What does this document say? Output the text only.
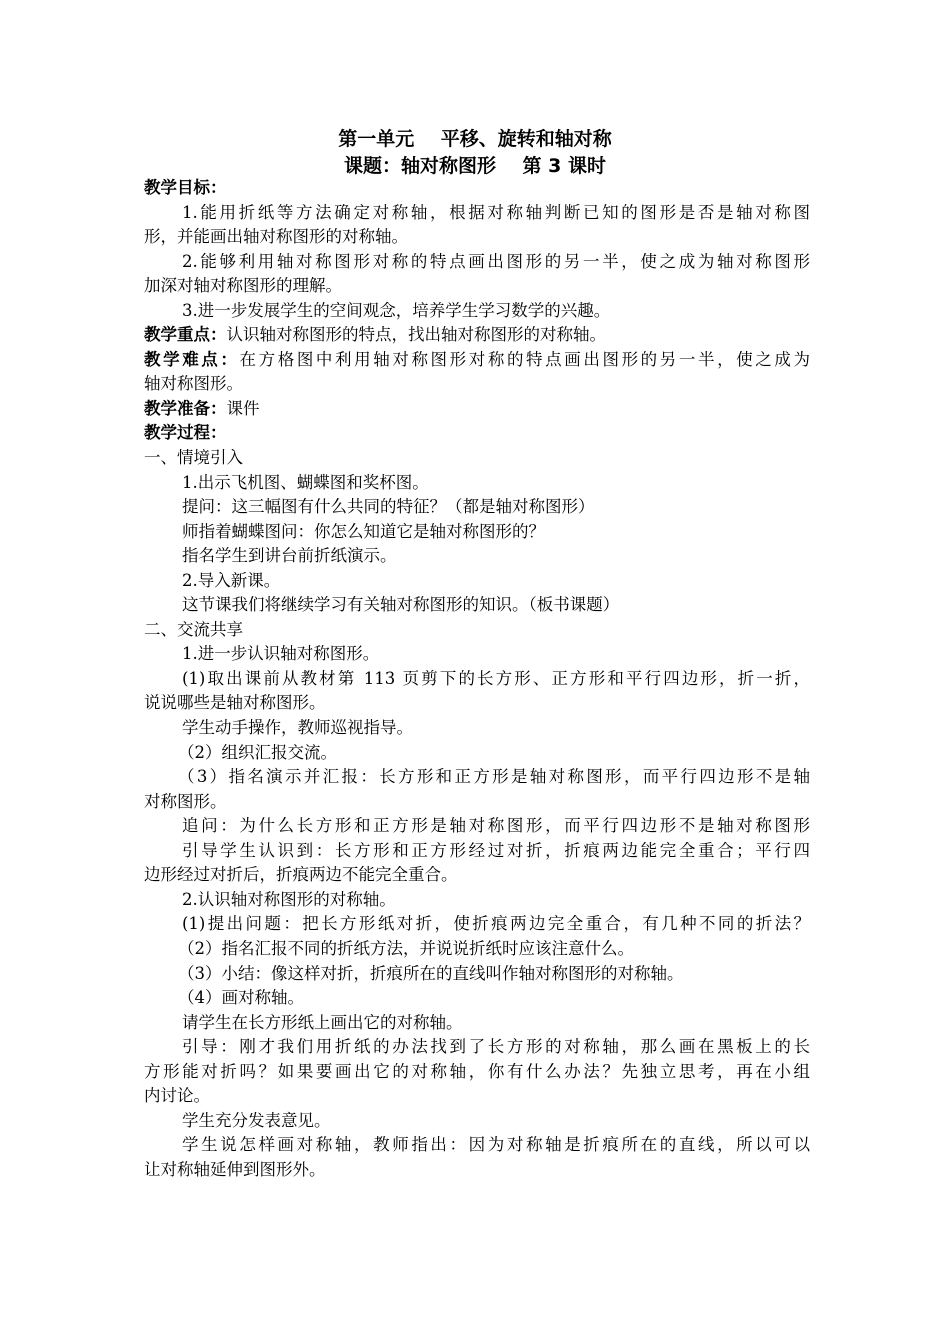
第一单元    平移、旋转和轴对称
课题：轴对称图形    第 3 课时
教学目标：
1.能用折纸等方法确定对称轴，根据对称轴判断已知的图形是否是轴对称图
形，并能画出轴对称图形的对称轴。
2.能够利用轴对称图形对称的特点画出图形的另一半，使之成为轴对称图形
加深对轴对称图形的理解。
3.进一步发展学生的空间观念，培养学生学习数学的兴趣。
教学重点：认识轴对称图形的特点，找出轴对称图形的对称轴。
教学难点：在方格图中利用轴对称图形对称的特点画出图形的另一半，使之成为
轴对称图形。
教学准备：课件
教学过程：
一、情境引入
1.出示飞机图、蝴蝶图和奖杯图。
提问：这三幅图有什么共同的特征？（都是轴对称图形）
师指着蝴蝶图问：你怎么知道它是轴对称图形的？
指名学生到讲台前折纸演示。
2.导入新课。
这节课我们将继续学习有关轴对称图形的知识。（板书课题）
二、交流共享
1.进一步认识轴对称图形。
(1)取出课前从教材第 113 页剪下的长方形、正方形和平行四边形，折一折，
说说哪些是轴对称图形。
学生动手操作，教师巡视指导。
（2）组织汇报交流。
（3）指名演示并汇报：长方形和正方形是轴对称图形，而平行四边形不是轴
对称图形。
追问：为什么长方形和正方形是轴对称图形，而平行四边形不是轴对称图形
引导学生认识到：长方形和正方形经过对折，折痕两边能完全重合；平行四
边形经过对折后，折痕两边不能完全重合。
2.认识轴对称图形的对称轴。
(1)提出问题：把长方形纸对折，使折痕两边完全重合，有几种不同的折法？
（2）指名汇报不同的折纸方法，并说说折纸时应该注意什么。
（3）小结：像这样对折，折痕所在的直线叫作轴对称图形的对称轴。
（4）画对称轴。
请学生在长方形纸上画出它的对称轴。
引导：刚才我们用折纸的办法找到了长方形的对称轴，那么画在黑板上的长
方形能对折吗？如果要画出它的对称轴，你有什么办法？先独立思考，再在小组
内讨论。
学生充分发表意见。
学生说怎样画对称轴，教师指出：因为对称轴是折痕所在的直线，所以可以
让对称轴延伸到图形外。
